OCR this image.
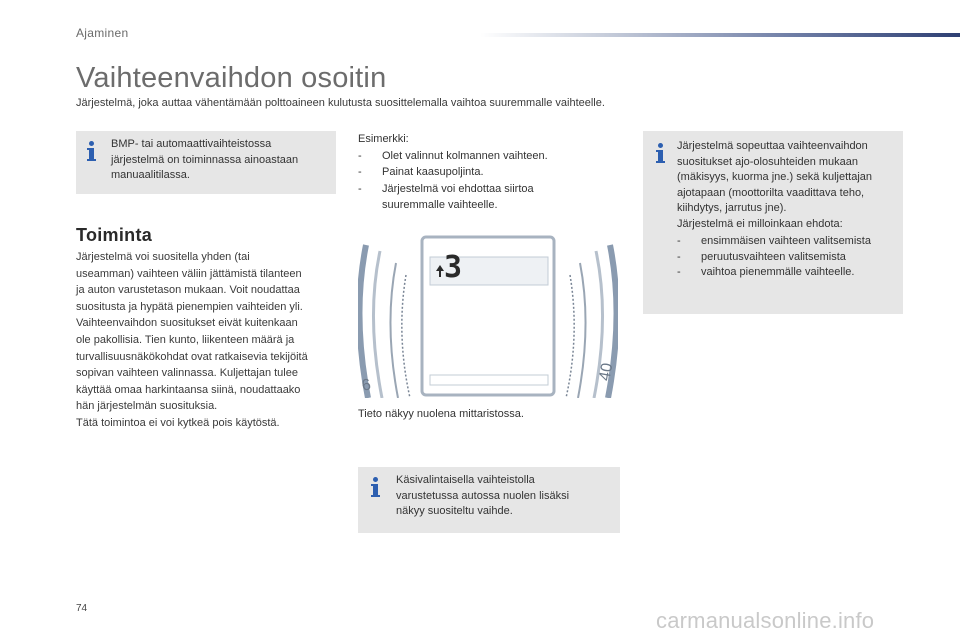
Ajaminen
Vaihteenvaihdon osoitin
Järjestelmä, joka auttaa vähentämään polttoaineen kulutusta suosittelemalla vaihtoa suuremmalle vaihteelle.
BMP- tai automaattivaihteistossa
järjestelmä on toiminnassa ainoastaan
manuaalitilassa.
Toiminta
Järjestelmä voi suositella yhden (tai
useamman) vaihteen väliin jättämistä tilanteen
ja auton varustetason mukaan. Voit noudattaa
suositusta ja hypätä pienempien vaihteiden yli.
Vaihteenvaihdon suositukset eivät kuitenkaan
ole pakollisia. Tien kunto, liikenteen määrä ja
turvallisuusnäkökohdat ovat ratkaisevia tekijöitä
sopivan vaihteen valinnassa. Kuljettajan tulee
käyttää omaa harkintaansa siinä, noudattaako
hän järjestelmän suosituksia.
Tätä toimintoa ei voi kytkeä pois käytöstä.
Esimerkki:
- Olet valinnut kolmannen vaihteen.
- Painat kaasupoljinta.
- Järjestelmä voi ehdottaa siirtoa suuremmalle vaihteelle.
3
6
40
Tieto näkyy nuolena mittaristossa.
Käsivalintaisella vaihteistolla
varustetussa autossa nuolen lisäksi
näkyy suositeltu vaihde.
Järjestelmä sopeuttaa vaihteenvaihdon
suositukset ajo-olosuhteiden mukaan
(mäkisyys, kuorma jne.) sekä kuljettajan
ajotapaan (moottorilta vaadittava teho,
kiihdytys, jarrutus jne).
Järjestelmä ei milloinkaan ehdota:
- ensimmäisen vaihteen valitsemista
- peruutusvaihteen valitsemista
- vaihtoa pienemmälle vaihteelle.
74	carmanualsonline.info
